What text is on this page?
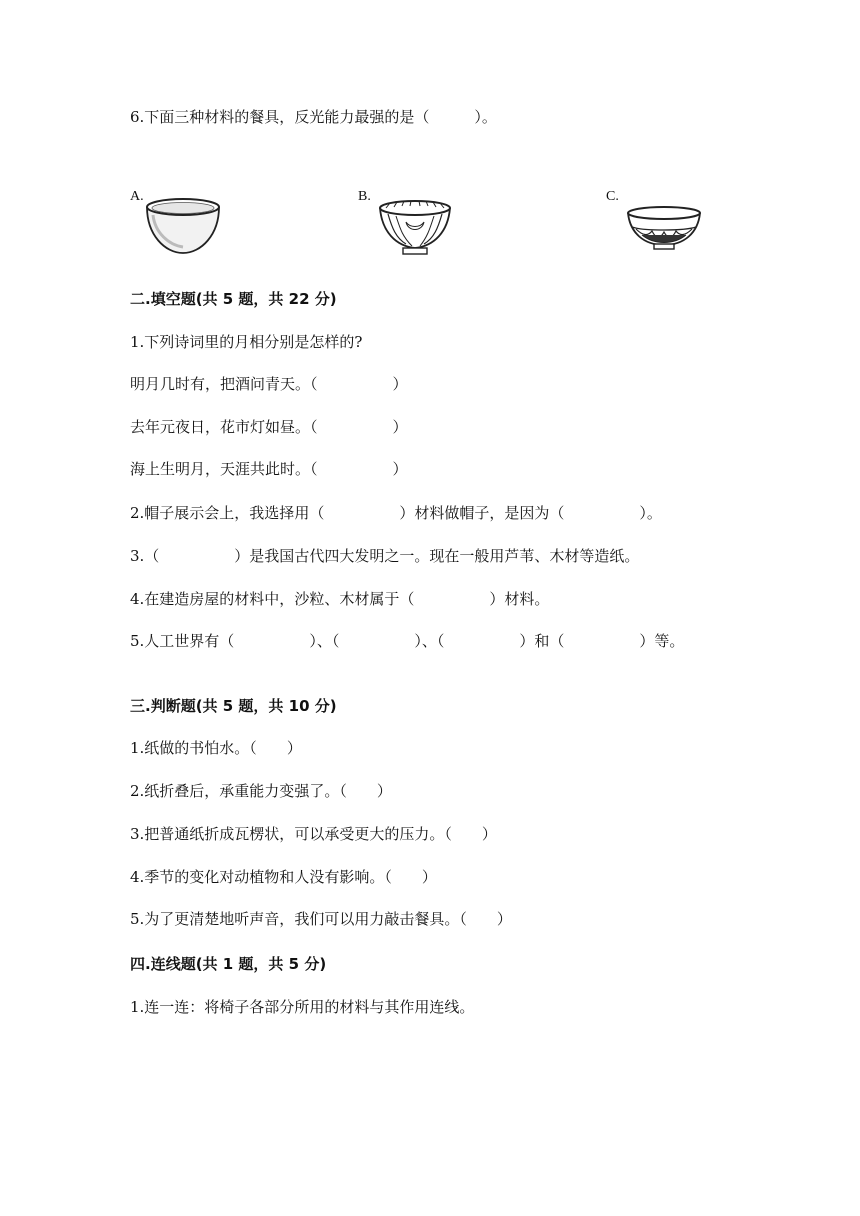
6.下面三种材料的餐具，反光能力最强的是（　　　）。
A.	B.	C.
二.填空题(共 5 题，共 22 分)
1.下列诗词里的月相分别是怎样的?
明月几时有，把酒问青天。（　　　　　）
去年元夜日，花市灯如昼。（　　　　　）
海上生明月，天涯共此时。（　　　　　）
2.帽子展示会上，我选择用（　　　　　）材料做帽子，是因为（　　　　　）。
3.（　　　　　）是我国古代四大发明之一。现在一般用芦苇、木材等造纸。
4.在建造房屋的材料中，沙粒、木材属于（　　　　　）材料。
5.人工世界有（　　　　　）、（　　　　　）、（　　　　　）和（　　　　　）等。
三.判断题(共 5 题，共 10 分)
1.纸做的书怕水。（　　）
2.纸折叠后，承重能力变强了。（　　）
3.把普通纸折成瓦楞状，可以承受更大的压力。（　　）
4.季节的变化对动植物和人没有影响。（　　）
5.为了更清楚地听声音，我们可以用力敲击餐具。（　　）
四.连线题(共 1 题，共 5 分)
1.连一连：将椅子各部分所用的材料与其作用连线。
